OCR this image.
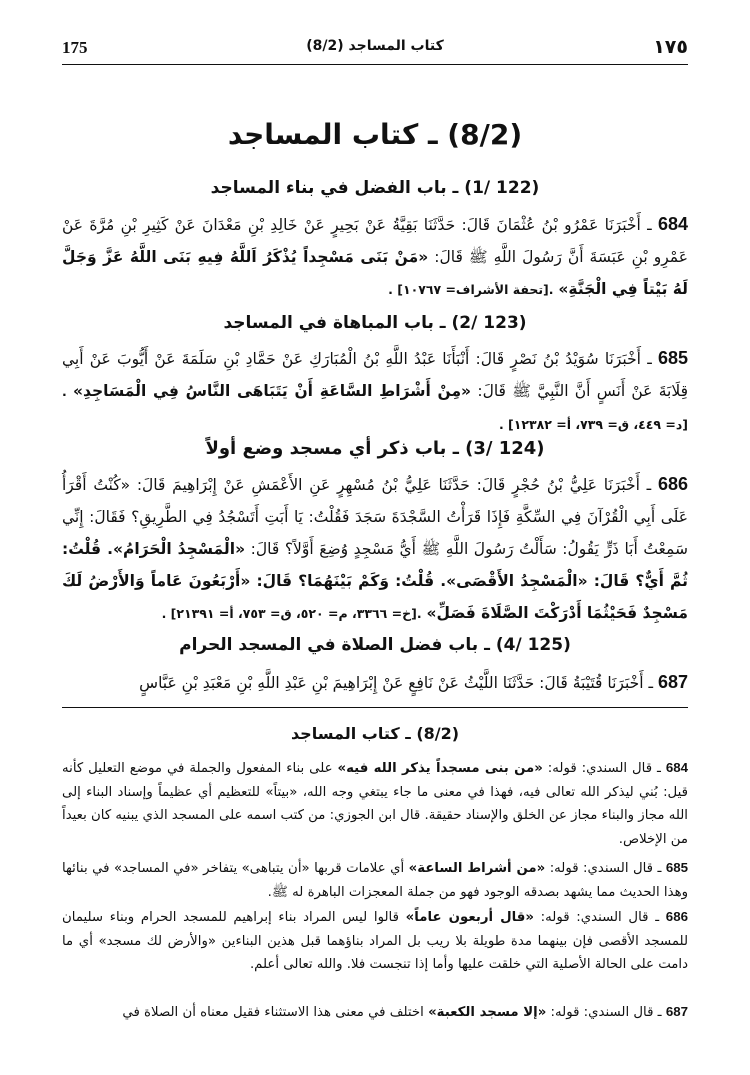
175	كتاب المساجد (8/2)	١٧٥
(8/2) ـ كتاب المساجد
(122 /1) ـ باب الفضل في بناء المساجد
684 ـ أَخْبَرَنَا عَمْرُو بْنُ عُثْمَانَ قَالَ: حَدَّثَنَا بَقِيَّةُ عَنْ بَحِيرٍ عَنْ خَالِدِ بْنِ مَعْدَانَ عَنْ كَثِيرِ بْنِ مُرَّةَ عَنْ عَمْرِو بْنِ عَبَسَةَ أَنَّ رَسُولَ اللَّهِ ﷺ قَالَ: «مَنْ بَنَى مَسْجِداً يُذْكَرُ اَللَّهُ فِيهِ بَنَى اللَّهُ عَزَّ وَجَلَّ لَهُ بَيْتاً فِي الْجَنَّةِ» .[تحفة الأشراف= ١٠٧٦٧] .
(123 /2) ـ باب المباهاة في المساجد
685 ـ أَخْبَرَنَا سُوَيْدُ بْنُ نَصْرٍ قَالَ: أَنْبَأَنَا عَبْدُ اللَّهِ بْنُ الْمُبَارَكِ عَنْ حَمَّادِ بْنِ سَلَمَةَ عَنْ أَيُّوبَ عَنْ أَبِي قِلَابَةَ عَنْ أَنَسٍ أَنَّ النَّبِيَّ ﷺ قَالَ: «مِنْ أَشْرَاطِ السَّاعَةِ أَنْ يَتَبَاهَى النَّاسُ فِي الْمَسَاجِدِ» .[د= ٤٤٩، ق= ٧٣٩، أ= ١٢٣٨٢] .
(124 /3) ـ باب ذكر أي مسجد وضع أولاً
686 ـ أَخْبَرَنَا عَلِيُّ بْنُ حُجْرٍ قَالَ: حَدَّثَنَا عَلِيُّ بْنُ مُسْهِرٍ عَنِ الأَعْمَشِ عَنْ إِبْرَاهِيمَ قَالَ: «كُنْتُ أَقْرَأُ عَلَى أَبِي الْقُرْآنَ فِي السِّكَّةِ فَإِذَا قَرَأْتُ السَّجْدَةَ سَجَدَ فَقُلْتُ: يَا أَبَتِ أَتَسْجُدُ فِي الطَّرِيقِ؟ فَقَالَ: إِنِّي سَمِعْتُ أَبَا ذَرٍّ يَقُولُ: سَأَلْتُ رَسُولَ اللَّهِ ﷺ أَيُّ مَسْجِدٍ وُضِعَ أَوَّلاً؟ قَالَ: «الْمَسْجِدُ الْحَرَامُ». قُلْتُ: ثُمَّ أَيٌّ؟ قَالَ: «الْمَسْجِدُ الأَقْصَى». قُلْتُ: وَكَمْ بَيْنَهُمَا؟ قَالَ: «أَرْبَعُونَ عَاماً وَالأَرْضُ لَكَ مَسْجِدٌ فَحَيْثُمَا أَدْرَكْتَ الصَّلَاةَ فَصَلِّ» .[خ= ٣٣٦٦، م= ٥٢٠، ق= ٧٥٣، أ= ٢١٣٩١] .
(125 /4) ـ باب فضل الصلاة في المسجد الحرام
687 ـ أَخْبَرَنَا قُتَيْبَةُ قَالَ: حَدَّثَنَا اللَّيْثُ عَنْ نَافِعٍ عَنْ إِبْرَاهِيمَ بْنِ عَبْدِ اللَّهِ بْنِ مَعْبَدِ بْنِ عَبَّاسٍ
(8/2) ـ كتاب المساجد
684 ـ قال السندي: قوله: «من بنى مسجداً يذكر الله فيه» على بناء المفعول والجملة في موضع التعليل كأنه قيل: بُني ليذكر الله تعالى فيه، فهذا في معنى ما جاء يبتغي وجه الله، «بيتاً» للتعظيم أي عظيماً وإسناد البناء إلى الله مجاز والبناء مجاز عن الخلق والإسناد حقيقة. قال ابن الجوزي: من كتب اسمه على المسجد الذي يبنيه كان بعيداً من الإخلاص.
685 ـ قال السندي: قوله: «من أشراط الساعة» أي علامات قربها «أن يتباهى» يتفاخر «في المساجد» في بنائها وهذا الحديث مما يشهد بصدقه الوجود فهو من جملة المعجزات الباهرة له ﷺ.
686 ـ قال السندي: قوله: «قال أربعون عاماً» قالوا ليس المراد بناء إبراهيم للمسجد الحرام وبناء سليمان للمسجد الأقصى فإن بينهما مدة طويلة بلا ريب بل المراد بناؤهما قبل هذين البناءين «والأرض لك مسجد» أي ما دامت على الحالة الأصلية التي خلقت عليها وأما إذا تنجست فلا. والله تعالى أعلم.
687 ـ قال السندي: قوله: «إلا مسجد الكعبة» اختلف في معنى هذا الاستثناء فقيل معناه أن الصلاة في
